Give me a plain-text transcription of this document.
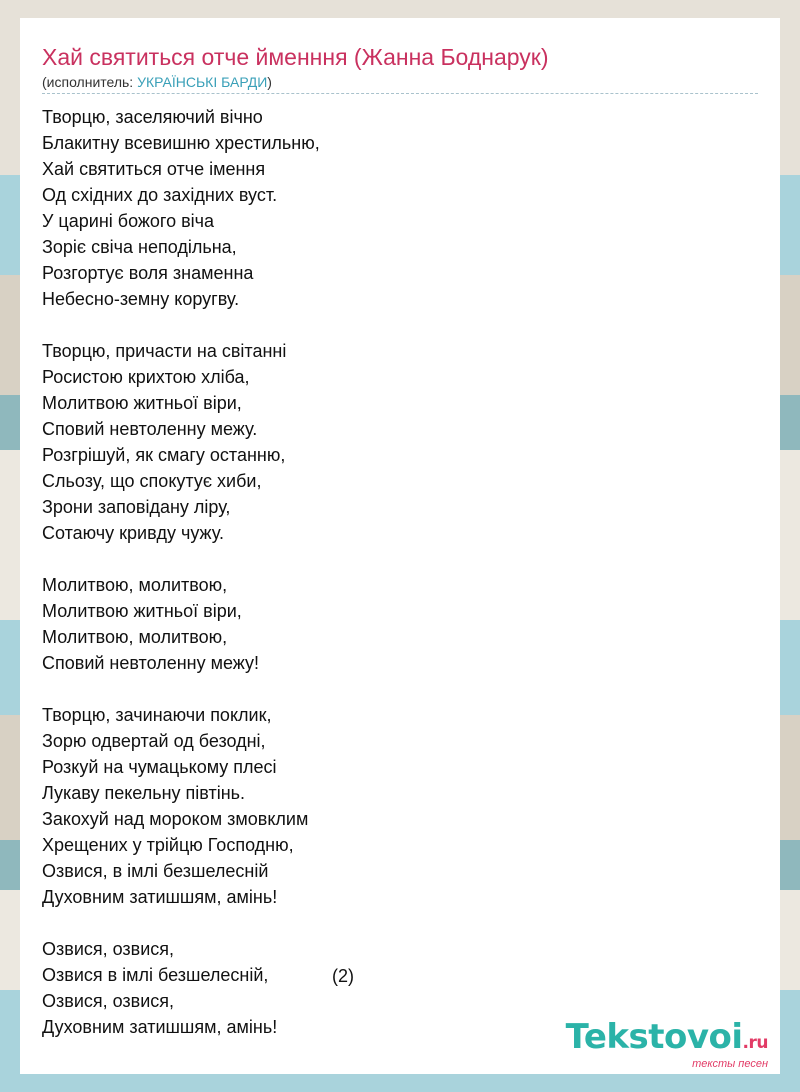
Хай святиться отче йменння (Жанна Боднарук)
(исполнитель: УКРАЇНСЬКІ БАРДИ)
Творцю, заселяючий вічно
Блакитну всевишню хрестильню,
Хай святиться отче імення
Од східних до західних вуст.
У царині божого віча
Зоріє свіча неподільна,
Розгортує воля знаменна
Небесно-земну коругву.
Творцю, причасти на світанні
Росистою крихтою хліба,
Молитвою житньої віри,
Сповий невтоленну межу.
Розгрішуй, як смагу останню,
Сльозу, що спокутує хиби,
Зрони заповідану ліру,
Сотаючу кривду чужу.
Молитвою, молитвою,
Молитвою житньої віри,
Молитвою, молитвою,
Сповий невтоленну межу!
Творцю, зачинаючи поклик,
Зорю одвертай од безодні,
Розкуй на чумацькому плесі
Лукаву пекельну півтінь.
Закохуй над мороком змовклим
Хрещених у трійцю Господню,
Озвися, в імлі безшелесній
Духовним затишшям, амінь!
Озвися, озвися,
Озвися в імлі безшелесній,
Озвися, озвися,
Духовним затишшям, амінь!
(2)
Tekstovoi.ru
тексты песен
